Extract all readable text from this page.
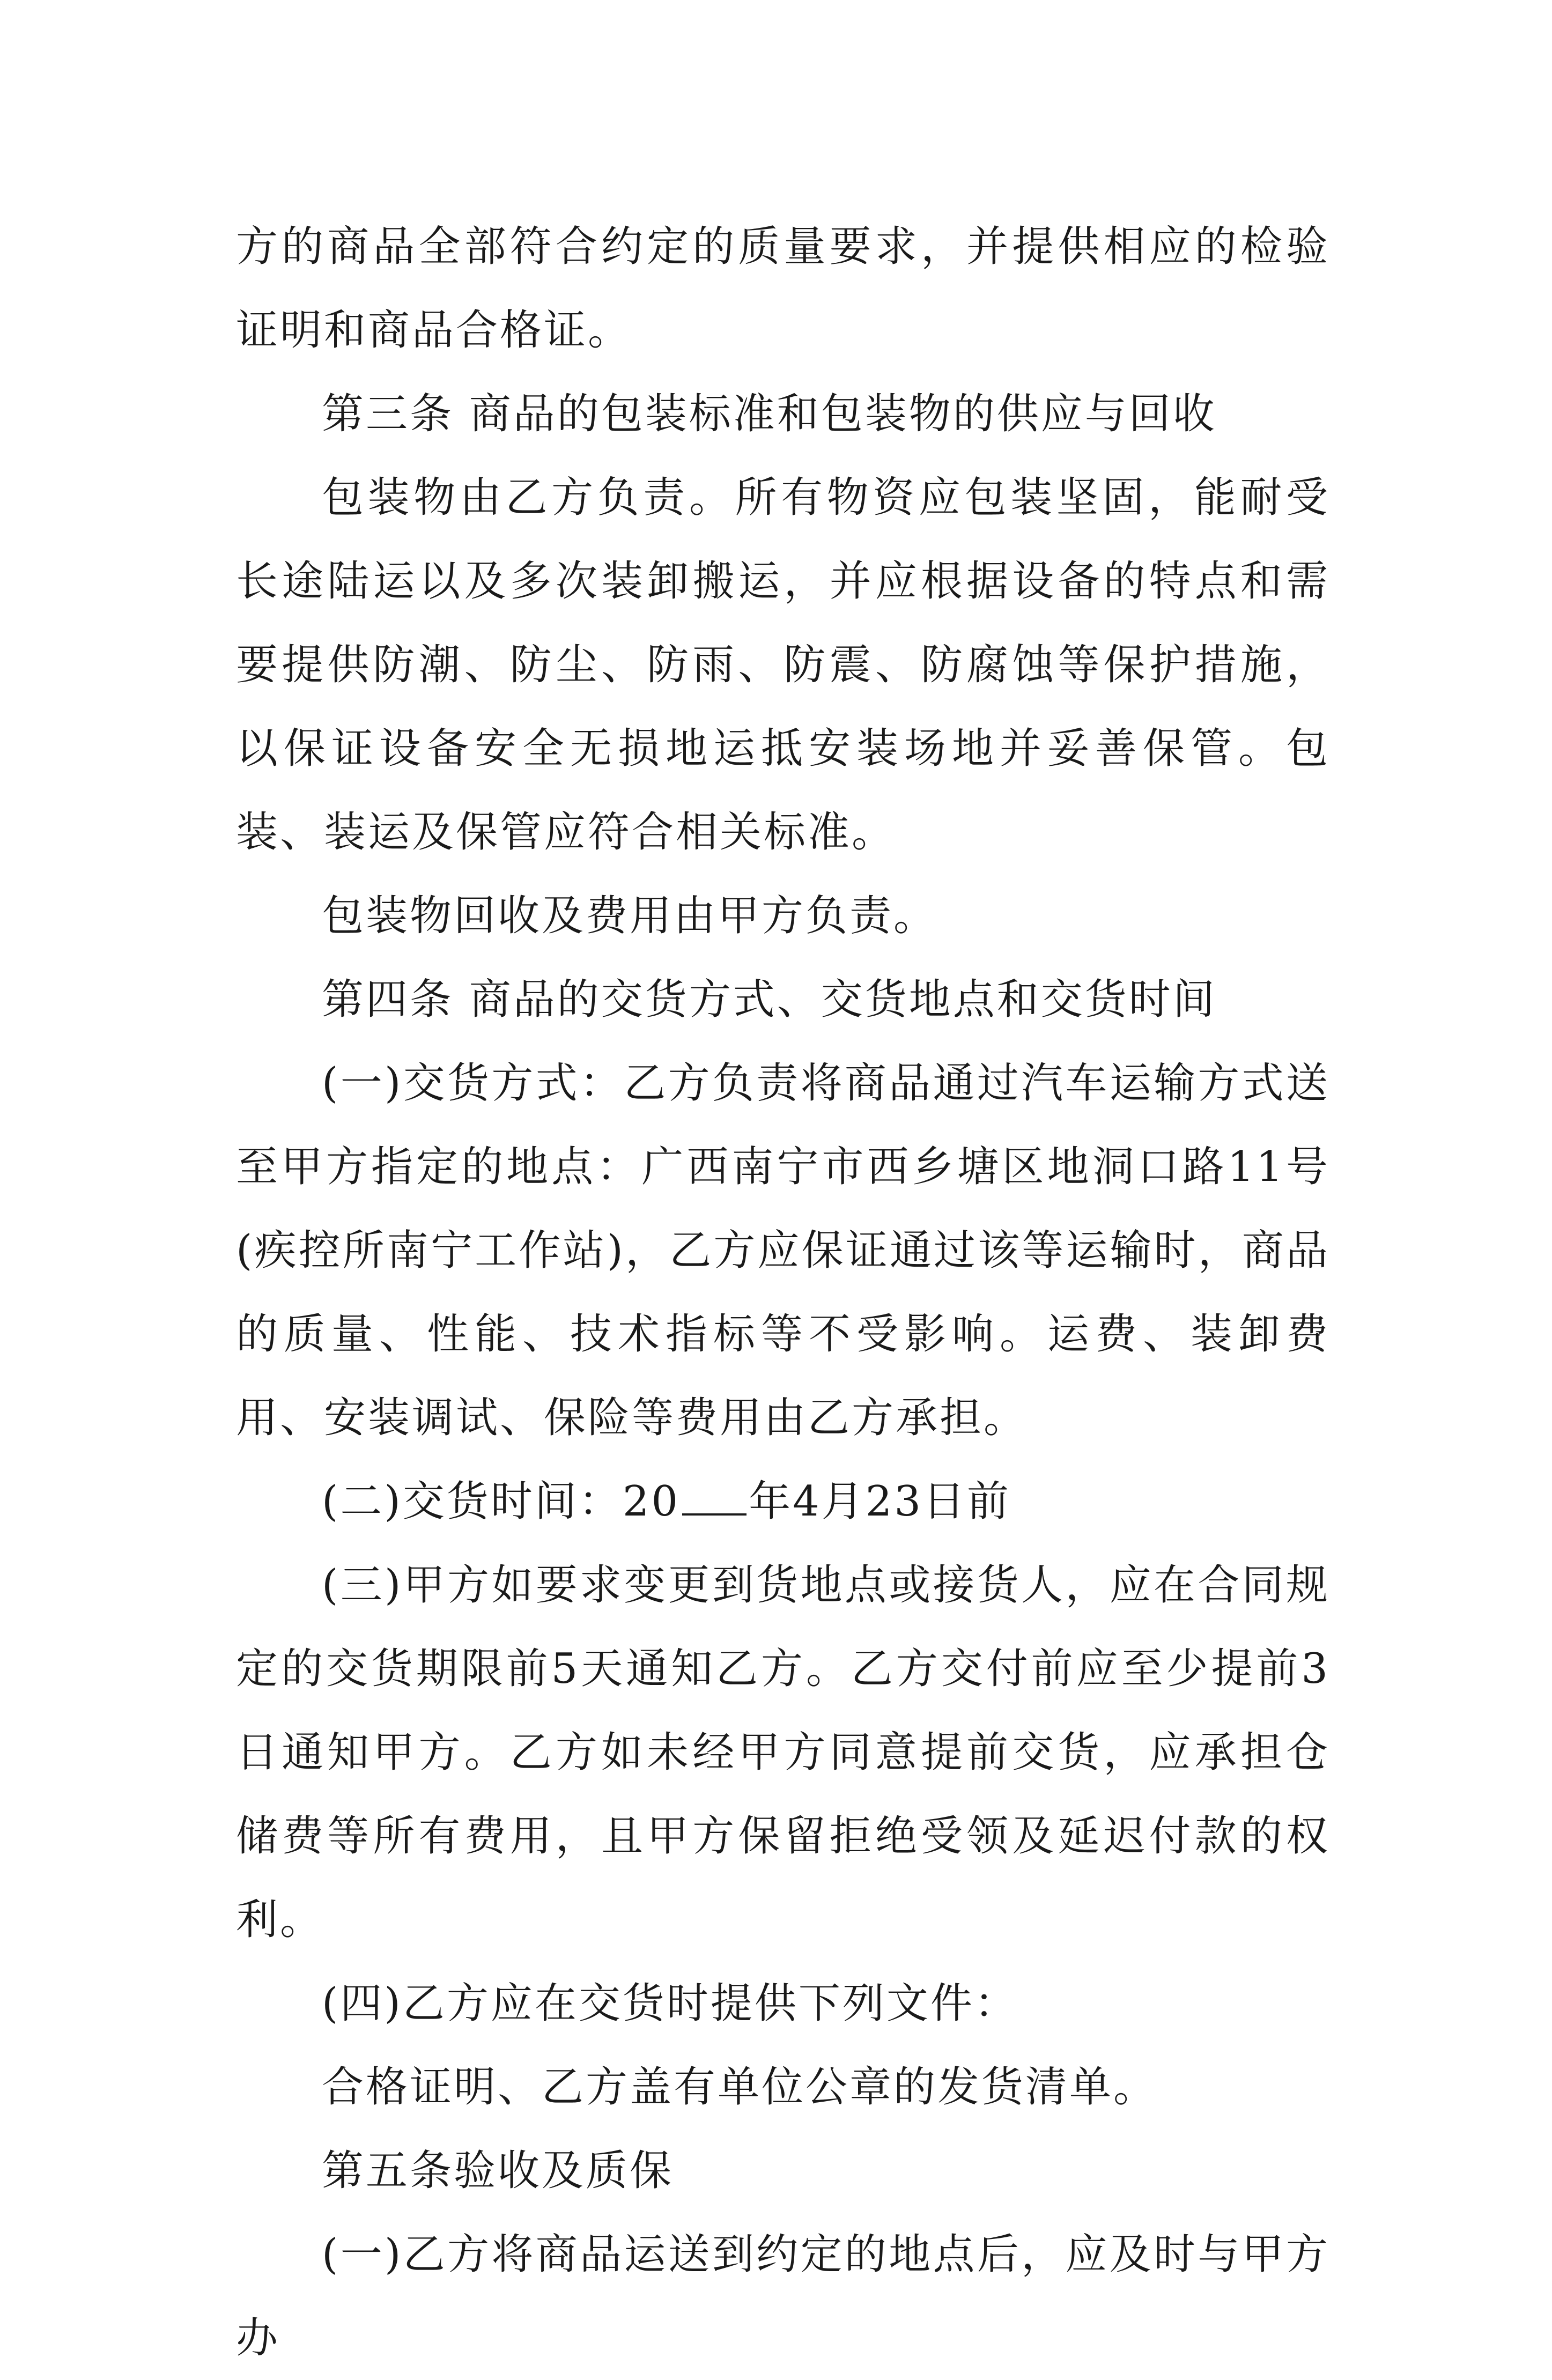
方的商品全部符合约定的质量要求，并提供相应的检验证明和商品合格证。

第三条 商品的包装标准和包装物的供应与回收

包装物由乙方负责。所有物资应包装坚固，能耐受长途陆运以及多次装卸搬运，并应根据设备的特点和需要提供防潮、防尘、防雨、防震、防腐蚀等保护措施，以保证设备安全无损地运抵安装场地并妥善保管。包装、装运及保管应符合相关标准。

包装物回收及费用由甲方负责。

第四条 商品的交货方式、交货地点和交货时间

(一)交货方式：乙方负责将商品通过汽车运输方式送至甲方指定的地点：广西南宁市西乡塘区地洞口路11号(疾控所南宁工作站)，乙方应保证通过该等运输时，商品的质量、性能、技术指标等不受影响。运费、装卸费用、安装调试、保险等费用由乙方承担。

(二)交货时间：20 年4月23日前

(三)甲方如要求变更到货地点或接货人，应在合同规定的交货期限前5天通知乙方。乙方交付前应至少提前3日通知甲方。乙方如未经甲方同意提前交货，应承担仓储费等所有费用，且甲方保留拒绝受领及延迟付款的权利。

(四)乙方应在交货时提供下列文件：

合格证明、乙方盖有单位公章的发货清单。

第五条验收及质保

(一)乙方将商品运送到约定的地点后，应及时与甲方办
